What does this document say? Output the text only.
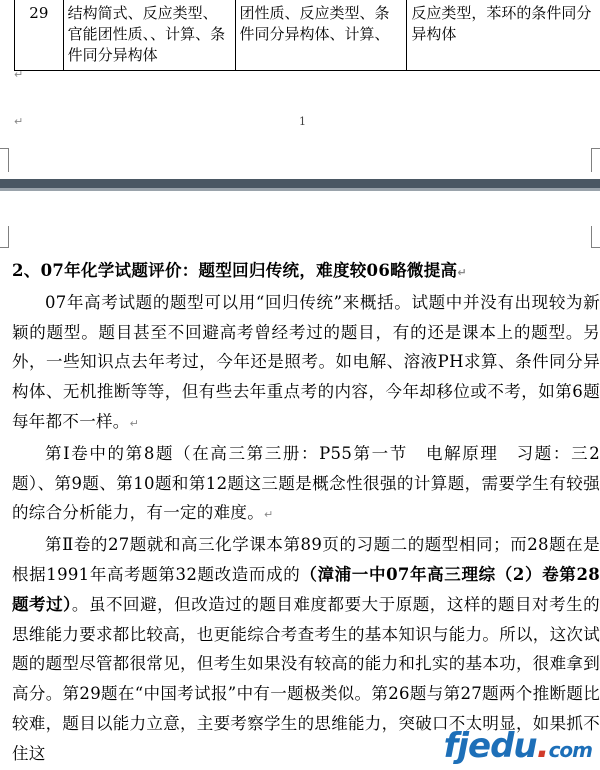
29	结构简式、反应类型、官能团性质、、计算、条件同分异构体	团性质、反应类型、条件同分异构体、计算、	反应类型，苯环的条件同分异构体
↵
↵	1

2、07年化学试题评价：题型回归传统，难度较06略微提高↵

07年高考试题的题型可以用“回归传统”来概括。试题中并没有出现较为新颖的题型。题目甚至不回避高考曾经考过的题目，有的还是课本上的题型。另外，一些知识点去年考过，今年还是照考。如电解、溶液PH求算、条件同分异构体、无机推断等等，但有些去年重点考的内容，今年却移位或不考，如第6题每年都不一样。↵

第Ⅰ卷中的第8题（在高三第三册：P55第一节　电解原理　习题：三2题）、第9题、第10题和第12题这三题是概念性很强的计算题，需要学生有较强的综合分析能力，有一定的难度。↵

第Ⅱ卷的27题就和高三化学课本第89页的习题二的题型相同；而28题在是根据1991年高考题第32题改造而成的（漳浦一中07年高三理综（2）卷第28题考过）。虽不回避，但改造过的题目难度都要大于原题，这样的题目对考生的思维能力要求都比较高，也更能综合考查考生的基本知识与能力。所以，这次试题的题型尽管都很常见，但考生如果没有较高的能力和扎实的基本功，很难拿到高分。第29题在“中国考试报”中有一题极类似。第26题与第27题两个推断题比较难，题目以能力立意，主要考察学生的思维能力，突破口不太明显，如果抓不住这	fjedu.com
